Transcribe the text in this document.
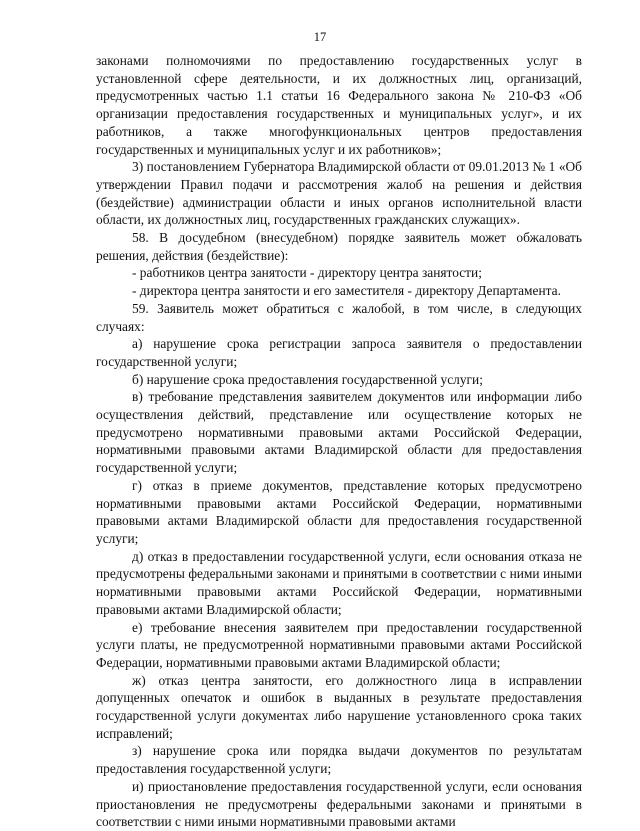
17

законами полномочиями по предоставлению государственных услуг в установленной сфере деятельности, и их должностных лиц, организаций, предусмотренных частью 1.1 статьи 16 Федерального закона № 210-ФЗ «Об организации предоставления государственных и муниципальных услуг», и их работников, а также многофункциональных центров предоставления государственных и муниципальных услуг и их работников»;

3) постановлением Губернатора Владимирской области от 09.01.2013 № 1 «Об утверждении Правил подачи и рассмотрения жалоб на решения и действия (бездействие) администрации области и иных органов исполнительной власти области, их должностных лиц, государственных гражданских служащих».

58. В досудебном (внесудебном) порядке заявитель может обжаловать решения, действия (бездействие):

- работников центра занятости - директору центра занятости;

- директора центра занятости и его заместителя - директору Департамента.

59. Заявитель может обратиться с жалобой, в том числе, в следующих случаях:

а) нарушение срока регистрации запроса заявителя о предоставлении государственной услуги;

б) нарушение срока предоставления государственной услуги;

в) требование представления заявителем документов или информации либо осуществления действий, представление или осуществление которых не предусмотрено нормативными правовыми актами Российской Федерации, нормативными правовыми актами Владимирской области для предоставления государственной услуги;

г) отказ в приеме документов, представление которых предусмотрено нормативными правовыми актами Российской Федерации, нормативными правовыми актами Владимирской области для предоставления государственной услуги;

д) отказ в предоставлении государственной услуги, если основания отказа не предусмотрены федеральными законами и принятыми в соответствии с ними иными нормативными правовыми актами Российской Федерации, нормативными правовыми актами Владимирской области;

е) требование внесения заявителем при предоставлении государственной услуги платы, не предусмотренной нормативными правовыми актами Российской Федерации, нормативными правовыми актами Владимирской области;

ж) отказ центра занятости, его должностного лица в исправлении допущенных опечаток и ошибок в выданных в результате предоставления государственной услуги документах либо нарушение установленного срока таких исправлений;

з) нарушение срока или порядка выдачи документов по результатам предоставления государственной услуги;

и) приостановление предоставления государственной услуги, если основания приостановления не предусмотрены федеральными законами и принятыми в соответствии с ними иными нормативными правовыми актами
